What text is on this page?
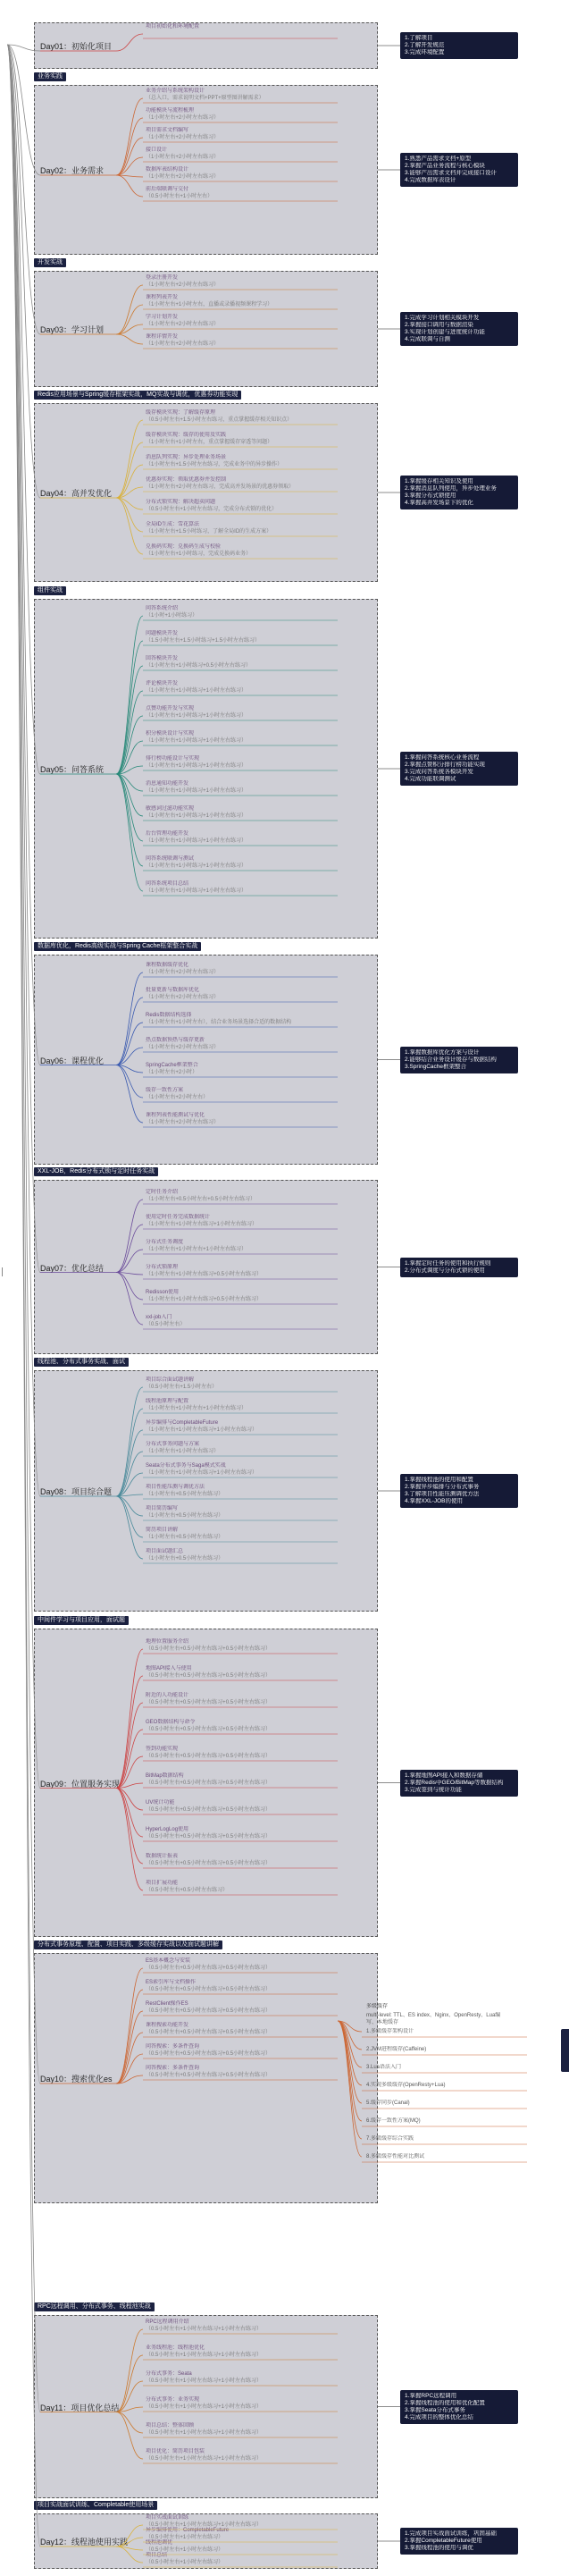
Day01：初始化项目
项目初始化和环境配置
1.了解项目
2.了解开发规范
3.完成环境配置
业务实践
Day02：业务需求
业务介绍与系统架构设计
（总入口，需求说明文档+PPT+原型图讲解需求）
功能模块与流程梳理
（1小时左右+2小时左右练习）
项目需求文档编写
（1小时左右+2小时左右练习）
接口设计
（1小时左右+2小时左右练习）
数据库表结构设计
（1小时左右+2小时左右练习）
前后端联调与交付
（0.5小时左右+1小时左右）
1.熟悉产品需求文档+原型
2.掌握产品业务流程与核心模块
3.能够产出需求文档并完成接口设计
4.完成数据库表设计
开发实战
Day03：学习计划
登录注册开发
（1小时左右+2小时左右练习）
课程列表开发
（1小时左右+1小时左右，直播或录播视频课程学习）
学习计划开发
（1小时左右+2小时左右练习）
课程详情开发
（1小时左右+2小时左右练习）
1.完成学习计划相关模块开发
2.掌握接口调用与数据渲染
3.实现计划创建与进度统计功能
4.完成联调与自测
Redis应用场景与Spring缓存框架实战，MQ实战与调优，优惠券功能实现
Day04：高并发优化
缓存模块实现：了解缓存原理
（0.5小时左右+1.5小时左右练习，重点掌握缓存相关知识点）
缓存模块实现：缓存的使用及实践
（1小时左右+1小时左右，重点掌握缓存穿透等问题）
消息队列实现：异步处理业务场景
（1小时左右+1.5小时左右练习，完成业务中的异步操作）
优惠券实现：领取优惠券并发控制
（1小时左右+2小时左右练习，完成高并发场景的优惠券领取）
分布式锁实现：解决超卖问题
（0.5小时左右+1小时左右练习，完成分布式锁的优化）
全局ID生成：雪花算法
（1小时左右+1.5小时练习，了解全局ID的生成方案）
兑换码实现：兑换码生成与校验
（1小时左右+1小时练习，完成兑换码业务）
1.掌握缓存相关知识及使用
2.掌握消息队列使用，异步处理业务
3.掌握分布式锁使用
4.掌握高并发场景下的优化
组件实战
Day05：问答系统
问答系统介绍
（1小时+1小时练习）
问题模块开发
（1.5小时左右+1.5小时练习+1.5小时左右练习）
回答模块开发
（1小时左右+1小时练习+0.5小时左右练习）
评论模块开发
（1小时左右+1小时练习+1小时左右练习）
点赞功能开发与实现
（1小时左右+1小时练习+1小时左右练习）
积分模块设计与实现
（1小时左右+1小时练习+1小时左右练习）
排行榜功能设计与实现
（1小时左右+1小时练习+1小时左右练习）
消息通知功能开发
（1小时左右+1小时练习+1小时左右练习）
敏感词过滤功能实现
（1小时左右+1小时练习+1小时左右练习）
后台管理功能开发
（1小时左右+1小时练习+1小时左右练习）
问答系统联调与测试
（1小时左右+1小时练习+1小时左右练习）
问答系统项目总结
（1小时左右+1小时练习+1小时左右练习）
1.掌握问答系统核心业务流程
2.掌握点赞积分排行榜功能实现
3.完成问答系统各模块开发
4.完成功能联调测试
数据库优化，Redis高级实战与Spring Cache框架整合实战
Day06：课程优化
课程数据缓存优化
（1小时左右+2小时左右练习）
批量更新与数据库优化
（1小时左右+2小时左右练习）
Redis数据结构选择
（1小时左右+1小时左右），结合业务场景选择合适的数据结构
热点数据预热与缓存更新
（1小时左右+2小时左右练习）
SpringCache框架整合
（1小时左右+2小时）
缓存一致性方案
（1小时左右+2小时左右）
课程列表性能测试与优化
（1小时左右+2小时左右练习）
1.掌握数据库优化方案与设计
2.能够结合业务设计缓存与数据结构
3.SpringCache框架整合
XXL-JOB，Redis分布式锁与定时任务实战
Day07：优化总结
定时任务介绍
（1小时左右+0.5小时左右+0.5小时左右练习）
使用定时任务完成数据统计
（1小时左右+1小时左右练习+1小时左右练习）
分布式任务调度
（1小时左右+1小时左右+1小时左右练习）
分布式锁原理
（1小时左右+1小时左右练习+0.5小时左右练习）
Redisson使用
（1小时左右+1小时左右练习+0.5小时左右练习）
xxl-job入门
（0.5小时左右）
1.掌握定时任务的使用和执行规则
2.分布式调度与分布式锁的使用
线程池、分布式事务实战、面试
Day08：项目综合题
项目综合面试题讲解
（0.5小时左右+1.5小时左右）
线程池原理与配置
（1小时左右+1小时左右+1小时左右练习）
异步编排与CompletableFuture
（1小时左右+1小时左右练习+1小时左右练习）
分布式事务问题与方案
（1小时左右+1小时左右练习）
Seata分布式事务与Saga模式实战
（1小时左右+1小时左右练习+1小时左右练习）
项目性能压测与调优方法
（1小时左右+0.5小时左右练习）
项目简历编写
（1小时左右+0.5小时左右练习）
简历项目讲解
（1小时左右+0.5小时左右练习）
项目面试题汇总
（1小时左右+0.5小时左右练习）
1.掌握线程池的使用和配置
2.掌握异步编排与分布式事务
3.了解项目性能压测调优方法
4.掌握XXL-JOB的使用
中间件学习与项目应用，面试题
Day09：位置服务实现
地理位置服务介绍
（0.5小时左右+0.5小时左右练习+0.5小时左右练习）
地图API接入与使用
（0.5小时左右+0.5小时左右练习+0.5小时左右练习）
附近的人功能设计
（0.5小时左右+0.5小时左右练习+0.5小时左右练习）
GEO数据结构与命令
（0.5小时左右+0.5小时左右练习+0.5小时左右练习）
签到功能实现
（0.5小时左右+0.5小时左右练习+0.5小时左右练习）
BitMap数据结构
（0.5小时左右+0.5小时左右练习+0.5小时左右练习）
UV统计功能
（0.5小时左右+0.5小时左右练习+0.5小时左右练习）
HyperLogLog使用
（0.5小时左右+0.5小时左右练习+0.5小时左右练习）
数据统计报表
（0.5小时左右+0.5小时左右练习+0.5小时左右练习）
项目扩展功能
（0.5小时左右+0.5小时左右练习）
1.掌握地图API接入和数据存储
2.掌握Redis中GEO/BitMap等数据结构
3.完成签到与统计功能
分布式事务原理、配置、项目实践、多级缓存实战以及面试题讲解
Day10：搜索优化es
ES基本概念与安装
（0.5小时左右+0.5小时左右练习+0.5小时左右练习）
ES索引库与文档操作
（0.5小时左右+0.5小时左右练习+0.5小时左右练习）
RestClient操作ES
（0.5小时左右+0.5小时左右练习+0.5小时左右练习）
课程搜索功能开发
（0.5小时左右+0.5小时左右练习+0.5小时左右练习）
问答搜索：多条件查询
（0.5小时左右+0.5小时左右练习+0.5小时左右练习）
问答搜索：多条件查询
（0.5小时左右+0.5小时左右练习+0.5小时左右练习）
多级缓存
multi-level: TTL、ES index、Nginx、OpenResty、Lua编写、本地缓存
1.多级缓存架构设计
2.JVM进程缓存(Caffeine)
3.Lua语法入门
4.实现多级缓存(OpenResty+Lua)
5.缓存同步(Canal)
6.缓存一致性方案(MQ)
7.多级缓存综合实践
8.多级缓存性能对比测试
RPC远程调用、分布式事务、线程池实战
Day11：项目优化总结
RPC远程调用介绍
（0.5小时左右+1小时左右练习+1小时左右练习）
业务线程池：线程池优化
（0.5小时左右+1小时左右练习+1小时左右练习）
分布式事务：Seata
（0.5小时左右+1小时左右练习+1小时左右练习）
分布式事务：业务实现
（0.5小时左右+1小时左右练习+1小时左右练习）
项目总结：整体回顾
（0.5小时左右+1小时左右练习+1小时左右练习）
项目优化：简历项目包装
（0.5小时左右+1小时左右练习+1小时左右练习）
1.掌握RPC远程调用
2.掌握线程池的使用和优化配置
3.掌握Seata分布式事务
4.完成项目的整体优化总结
项目实战面试训练、Completable使用场景
Day12：线程池使用实践
项目实战面试训练
（0.5小时左右+1小时左右练习+1小时左右练习）
异步编排使用：CompletableFuture
（0.5小时左右+1小时左右练习）
线程池调优
（0.5小时左右+1小时左右练习）
项目总结
（0.5小时左右+1小时左右练习）
1.完成项目实战面试训练，巩固基础
2.掌握CompletableFuture使用
3.掌握线程池的使用与调优
